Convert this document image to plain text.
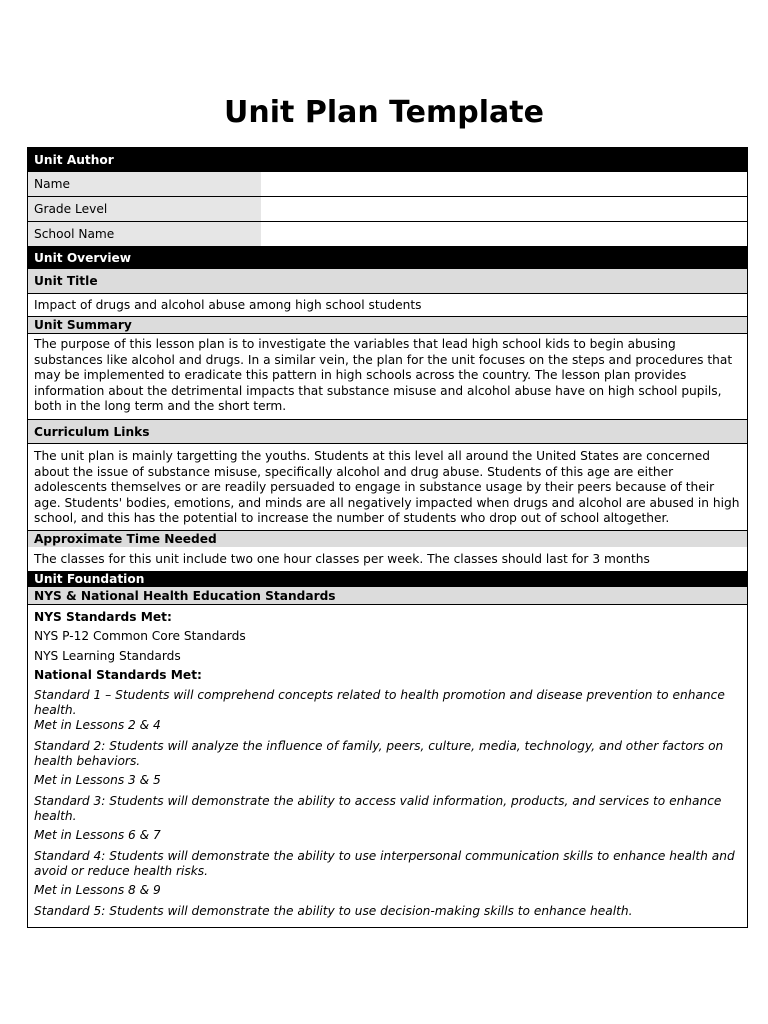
Unit Plan Template
Unit Author
Name
Grade Level
School Name
Unit Overview
Unit Title
Impact of drugs and alcohol abuse among high school students
Unit Summary
The purpose of this lesson plan is to investigate the variables that lead high school kids to begin abusing substances like alcohol and drugs. In a similar vein, the plan for the unit focuses on the steps and procedures that may be implemented to eradicate this pattern in high schools across the country. The lesson plan provides information about the detrimental impacts that substance misuse and alcohol abuse have on high school pupils, both in the long term and the short term.
Curriculum Links
The unit plan is mainly targetting the youths. Students at this level all around the United States are concerned about the issue of substance misuse, specifically alcohol and drug abuse. Students of this age are either adolescents themselves or are readily persuaded to engage in substance usage by their peers because of their age. Students' bodies, emotions, and minds are all negatively impacted when drugs and alcohol are abused in high school, and this has the potential to increase the number of students who drop out of school altogether.
Approximate Time Needed
The classes for this unit include two one hour classes per week. The classes should last for 3 months
Unit Foundation
NYS & National Health Education Standards
NYS Standards Met:
NYS P-12 Common Core Standards
NYS Learning Standards
National Standards Met:
Standard 1 – Students will comprehend concepts related to health promotion and disease prevention to enhance health.
Met in Lessons 2 & 4
Standard 2: Students will analyze the influence of family, peers, culture, media, technology, and other factors on health behaviors.
Met in Lessons 3 & 5
Standard 3: Students will demonstrate the ability to access valid information, products, and services to enhance health.
Met in Lessons 6 & 7
Standard 4: Students will demonstrate the ability to use interpersonal communication skills to enhance health and avoid or reduce health risks.
Met in Lessons 8 & 9
Standard 5: Students will demonstrate the ability to use decision-making skills to enhance health.
